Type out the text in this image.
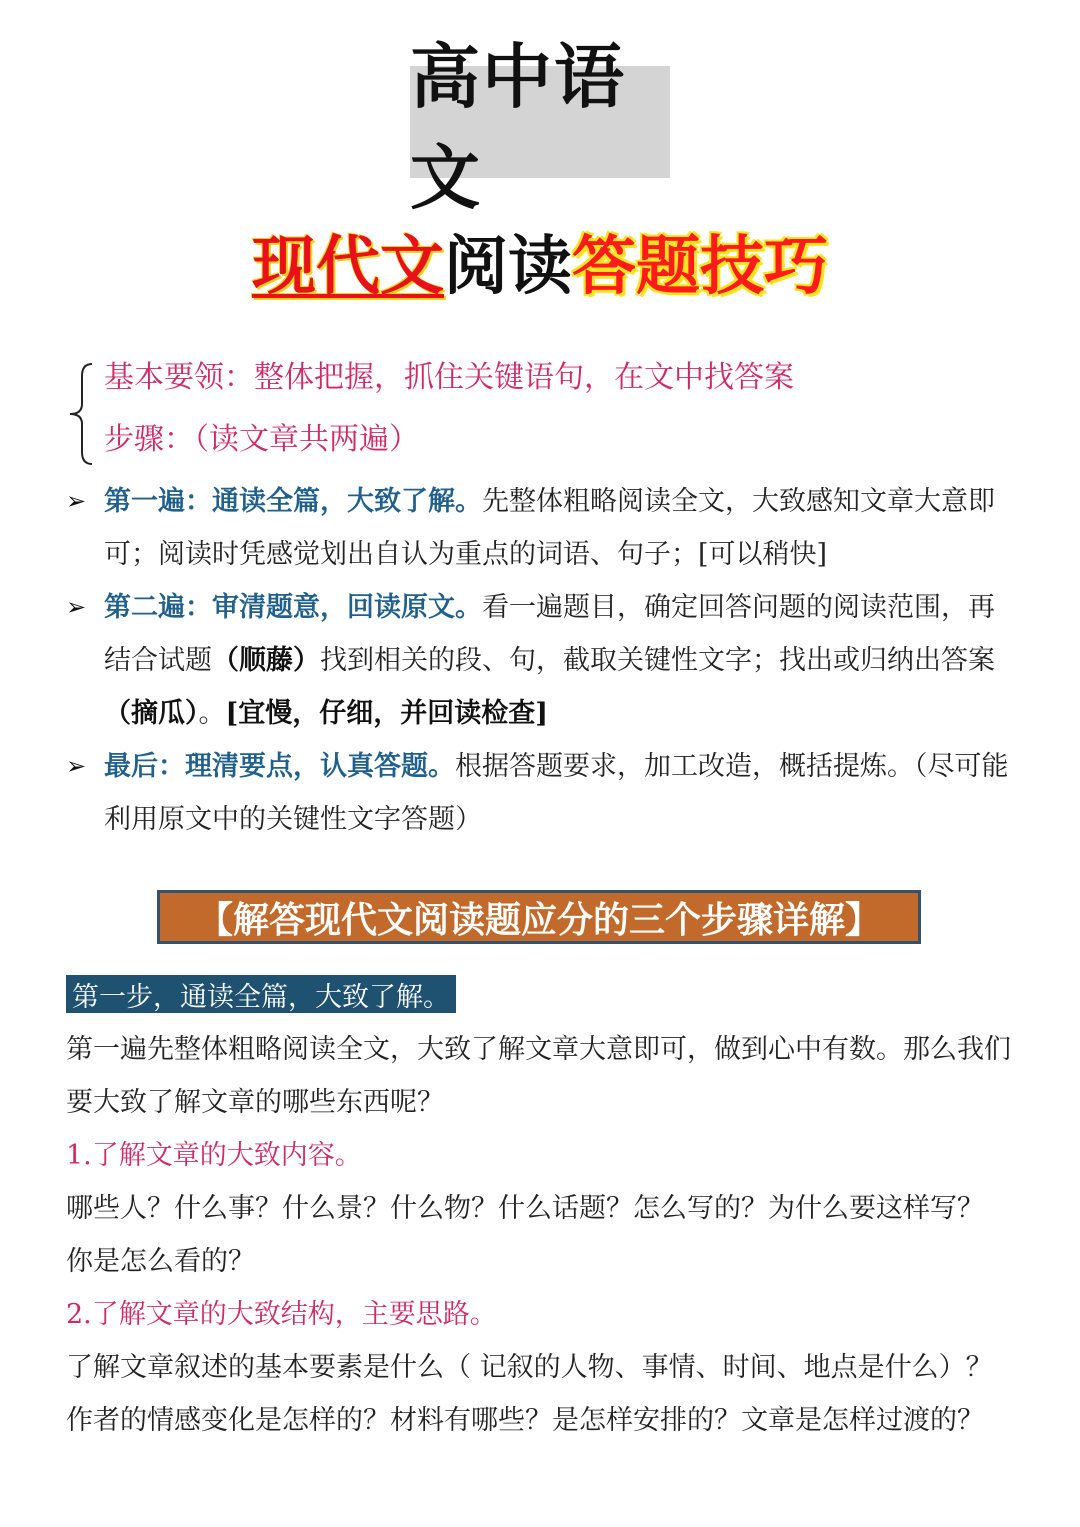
高中语文
现代文阅读答题技巧
基本要领：整体把握，抓住关键语句，在文中找答案
步骤：（读文章共两遍）
➢ 第一遍：通读全篇，大致了解。先整体粗略阅读全文，大致感知文章大意即
可；阅读时凭感觉划出自认为重点的词语、句子；[可以稍快]
➢ 第二遍：审清题意，回读原文。看一遍题目，确定回答问题的阅读范围，再
结合试题（顺藤）找到相关的段、句，截取关键性文字；找出或归纳出答案
（摘瓜）。[宜慢，仔细，并回读检查]
➢ 最后：理清要点，认真答题。根据答题要求，加工改造，概括提炼。（尽可能
利用原文中的关键性文字答题）
【解答现代文阅读题应分的三个步骤详解】
第一步，通读全篇，大致了解。
第一遍先整体粗略阅读全文，大致了解文章大意即可，做到心中有数。那么我们
要大致了解文章的哪些东西呢？
1.了解文章的大致内容。
哪些人？什么事？什么景？什么物？什么话题？怎么写的？为什么要这样写？
你是怎么看的？
2.了解文章的大致结构，主要思路。
了解文章叙述的基本要素是什么（ 记叙的人物、事情、时间、地点是什么）？
作者的情感变化是怎样的？材料有哪些？是怎样安排的？文章是怎样过渡的？
